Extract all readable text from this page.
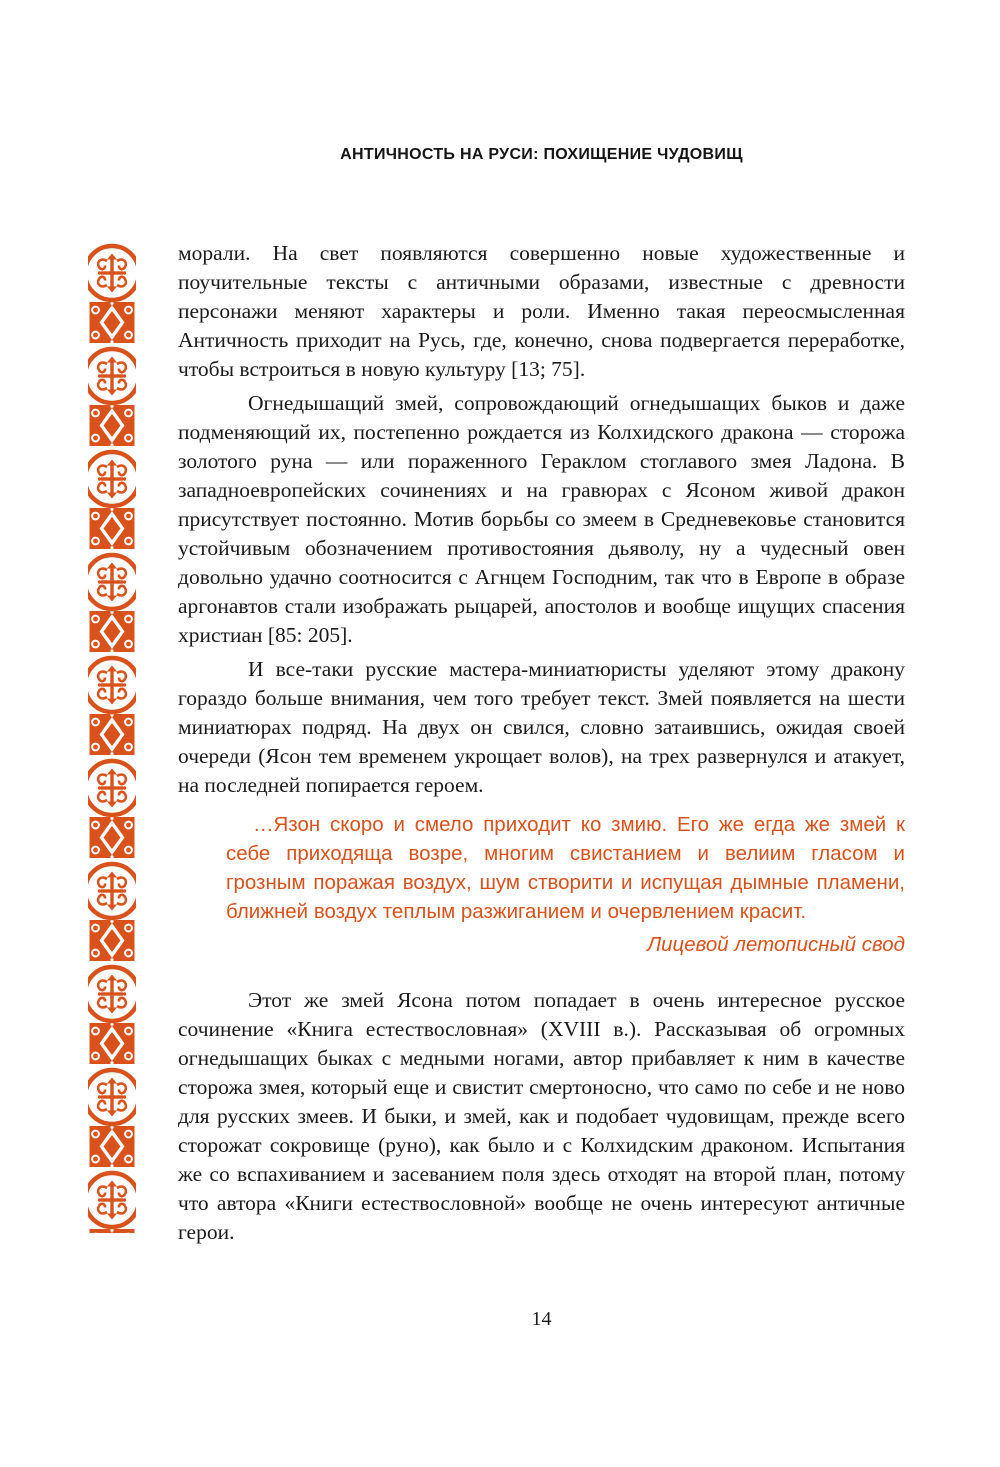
АНТИЧНОСТЬ НА РУСИ: ПОХИЩЕНИЕ ЧУДОВИЩ

морали. На свет появляются совершенно новые художественные и поучительные тексты с античными образами, известные с древности персонажи меняют характеры и роли. Именно такая переосмысленная Античность приходит на Русь, где, конечно, снова подвергается переработке, чтобы встроиться в новую культуру [13; 75].

Огнедышащий змей, сопровождающий огнедышащих быков и даже подменяющий их, постепенно рождается из Колхидского дракона — сторожа золотого руна — или пораженного Гераклом стоглавого змея Ладона. В западноевропейских сочинениях и на гравюрах с Ясоном живой дракон присутствует постоянно. Мотив борьбы со змеем в Средневековье становится устойчивым обозначением противостояния дьяволу, ну а чудесный овен довольно удачно соотносится с Агнцем Господним, так что в Европе в образе аргонавтов стали изображать рыцарей, апостолов и вообще ищущих спасения христиан [85: 205].

И все-таки русские мастера-миниатюристы уделяют этому дракону гораздо больше внимания, чем того требует текст. Змей появляется на шести миниатюрах подряд. На двух он свился, словно затаившись, ожидая своей очереди (Ясон тем временем укрощает волов), на трех развернулся и атакует, на последней попирается героем.

…Язон скоро и смело приходит ко змию. Его же егда же змей к себе приходяща возре, многим свистанием и велиим гласом и грозным поражая воздух, шум створити и испущая дымные пламени, ближней воздух теплым разжиганием и очервлением красит.

Лицевой летописный свод

Этот же змей Ясона потом попадает в очень интересное русское сочинение «Книга естествословная» (XVIII в.). Рассказывая об огромных огнедышащих быках с медными ногами, автор прибавляет к ним в качестве сторожа змея, который еще и свистит смертоносно, что само по себе и не ново для русских змеев. И быки, и змей, как и подобает чудовищам, прежде всего сторожат сокровище (руно), как было и с Колхидским драконом. Испытания же со вспахиванием и засеванием поля здесь отходят на второй план, потому что автора «Книги естествословной» вообще не очень интересуют античные герои.

14
